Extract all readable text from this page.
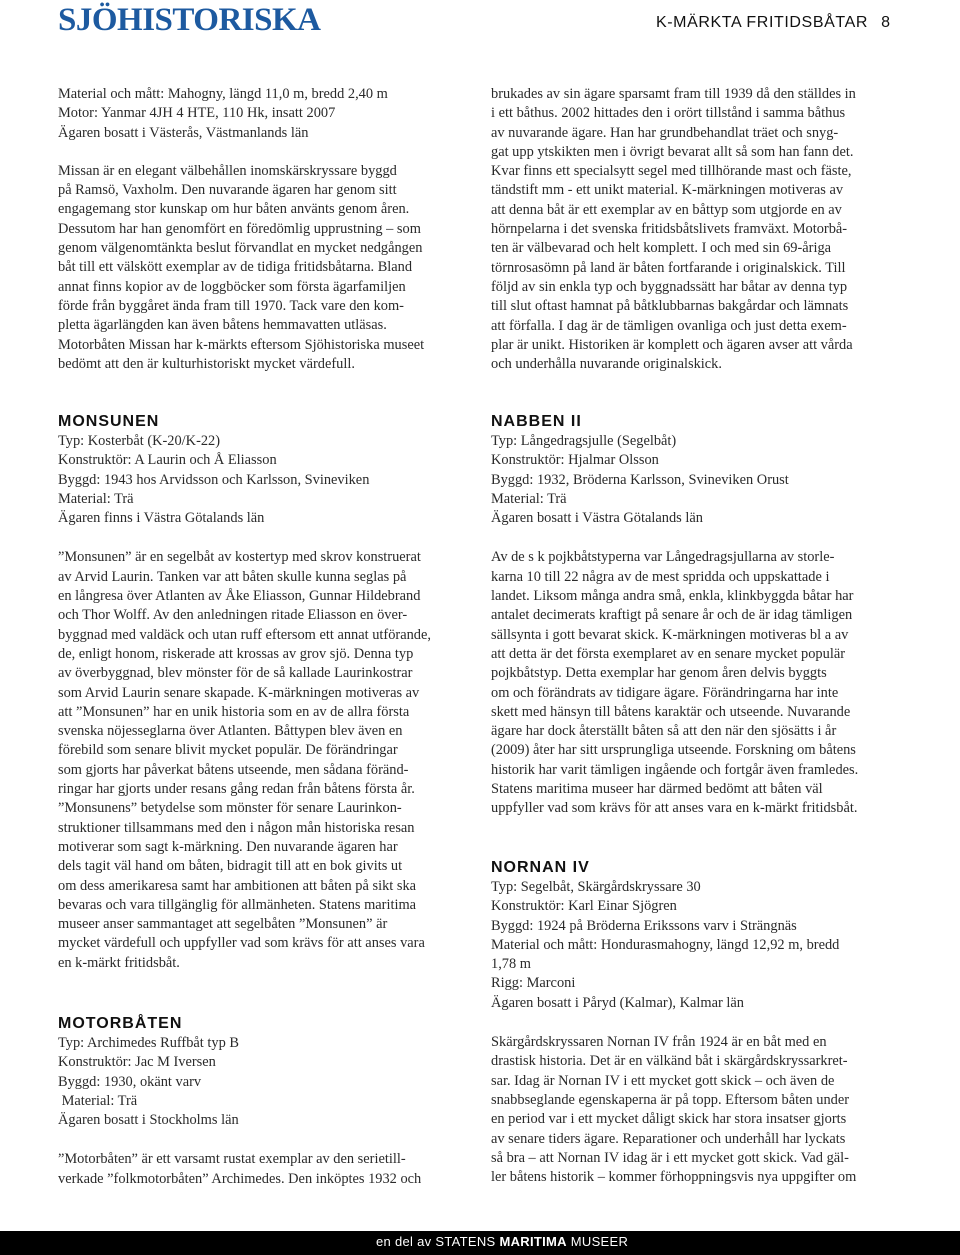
SJÖHISTORISKA	K-MÄRKTA FRITIDSBÅTAR 8

Material och mått: Mahogny, längd 11,0 m, bredd 2,40 m

Motor: Yanmar 4JH 4 HTE, 110 Hk, insatt 2007

Ägaren bosatt i Västerås, Västmanlands län

Missan är en elegant välbehållen inomskärskryssare byggd

på Ramsö, Vaxholm. Den nuvarande ägaren har genom sitt

engagemang stor kunskap om hur båten använts genom åren.

Dessutom har han genomfört en föredömlig upprustning – som

genom välgenomtänkta beslut förvandlat en mycket nedgången

båt till ett välskött exemplar av de tidiga fritidsbåtarna. Bland

annat finns kopior av de loggböcker som första ägarfamiljen

förde från byggåret ända fram till 1970. Tack vare den kom-

pletta ägarlängden kan även båtens hemmavatten utläsas.

Motorbåten Missan har k-märkts eftersom Sjöhistoriska museet

bedömt att den är kulturhistoriskt mycket värdefull.

brukades av sin ägare sparsamt fram till 1939 då den ställdes in

i ett båthus. 2002 hittades den i orört tillstånd i samma båthus

av nuvarande ägare. Han har grundbehandlat träet och snyg-

gat upp ytskikten men i övrigt bevarat allt så som han fann det.

Kvar finns ett specialsytt segel med tillhörande mast och fäste,

tändstift mm - ett unikt material. K-märkningen motiveras av

att denna båt är ett exemplar av en båttyp som utgjorde en av

hörnpelarna i det svenska fritidsbåtslivets framväxt. Motorbå-

ten är välbevarad och helt komplett. I och med sin 69-åriga

törnrosasömn på land är båten fortfarande i originalskick. Till

följd av sin enkla typ och byggnadssätt har båtar av denna typ

till slut oftast hamnat på båtklubbarnas bakgårdar och lämnats

att förfalla. I dag är de tämligen ovanliga och just detta exem-

plar är unikt. Historiken är komplett och ägaren avser att vårda

och underhålla nuvarande originalskick.

MONSUNEN

Typ: Kosterbåt (K-20/K-22)

Konstruktör: A Laurin och Å Eliasson

Byggd: 1943 hos Arvidsson och Karlsson, Svineviken

Material: Trä

Ägaren finns i Västra Götalands län

”Monsunen” är en segelbåt av kostertyp med skrov konstruerat

av Arvid Laurin. Tanken var att båten skulle kunna seglas på

en långresa över Atlanten av Åke Eliasson, Gunnar Hildebrand

och Thor Wolff. Av den anledningen ritade Eliasson en över-

byggnad med valdäck och utan ruff eftersom ett annat utförande,

de, enligt honom, riskerade att krossas av grov sjö. Denna typ

av överbyggnad, blev mönster för de så kallade Laurinkostrar

som Arvid Laurin senare skapade. K-märkningen motiveras av

att ”Monsunen” har en unik historia som en av de allra första

svenska nöjesseglarna över Atlanten. Båttypen blev även en

förebild som senare blivit mycket populär. De förändringar

som gjorts har påverkat båtens utseende, men sådana föränd-

ringar har gjorts under resans gång redan från båtens första år.

”Monsunens” betydelse som mönster för senare Laurinkon-

struktioner tillsammans med den i någon mån historiska resan

motiverar som sagt k-märkning. Den nuvarande ägaren har

dels tagit väl hand om båten, bidragit till att en bok givits ut

om dess amerikaresa samt har ambitionen att båten på sikt ska

bevaras och vara tillgänglig för allmänheten. Statens maritima

museer anser sammantaget att segelbåten ”Monsunen” är

mycket värdefull och uppfyller vad som krävs för att anses vara

en k-märkt fritidsbåt.

MOTORBÅTEN

Typ: Archimedes Ruffbåt typ B

Konstruktör: Jac M Iversen

Byggd: 1930, okänt varv

Material: Trä

Ägaren bosatt i Stockholms län

”Motorbåten” är ett varsamt rustat exemplar av den serietill-

verkade ”folkmotorbåten” Archimedes. Den inköptes 1932 och

NABBEN II

Typ: Långedragsjulle (Segelbåt)

Konstruktör: Hjalmar Olsson

Byggd: 1932, Bröderna Karlsson, Svineviken Orust

Material: Trä

Ägaren bosatt i Västra Götalands län

Av de s k pojkbåtstyperna var Långedragsjullarna av storle-

karna 10 till 22 några av de mest spridda och uppskattade i

landet. Liksom många andra små, enkla, klinkbyggda båtar har

antalet decimerats kraftigt på senare år och de är idag tämligen

sällsynta i gott bevarat skick. K-märkningen motiveras bl a av

att detta är det första exemplaret av en senare mycket populär

pojkbåtstyp. Detta exemplar har genom åren delvis byggts

om och förändrats av tidigare ägare. Förändringarna har inte

skett med hänsyn till båtens karaktär och utseende. Nuvarande

ägare har dock återställt båten så att den när den sjösätts i år

(2009) åter har sitt ursprungliga utseende. Forskning om båtens

historik har varit tämligen ingående och fortgår även framledes.

Statens maritima museer har därmed bedömt att båten väl

uppfyller vad som krävs för att anses vara en k-märkt fritidsbåt.

NORNAN IV

Typ: Segelbåt, Skärgårdskryssare 30

Konstruktör: Karl Einar Sjögren

Byggd: 1924 på Bröderna Erikssons varv i Strängnäs

Material och mått: Hondurasmahogny, längd 12,92 m, bredd

1,78 m

Rigg: Marconi

Ägaren bosatt i Påryd (Kalmar), Kalmar län

Skärgårdskryssaren Nornan IV från 1924 är en båt med en

drastisk historia. Det är en välkänd båt i skärgårdskryssarkret-

sar. Idag är Nornan IV i ett mycket gott skick – och även de

snabbseglande egenskaperna är på topp. Eftersom båten under

en period var i ett mycket dåligt skick har stora insatser gjorts

av senare tiders ägare. Reparationer och underhåll har lyckats

så bra – att Nornan IV idag är i ett mycket gott skick. Vad gäl-

ler båtens historik – kommer förhoppningsvis nya uppgifter om

en del av STATENS MARITIMA MUSEER
